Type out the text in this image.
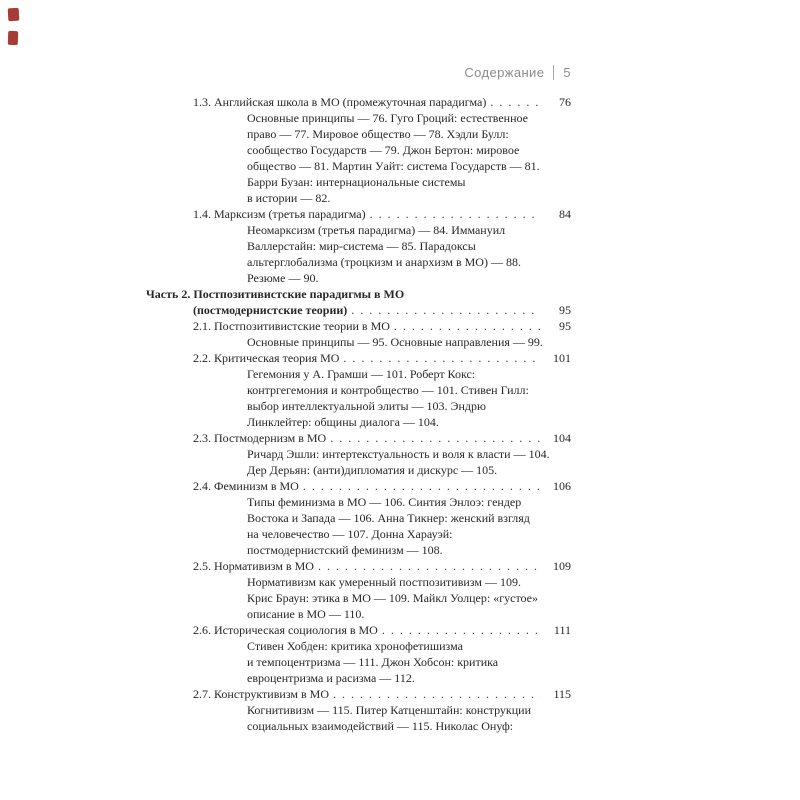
Содержание 5
1.3. Английская школа в МО (промежуточная парадигма) . . .	76
Основные принципы — 76. Гуго Гроций: естественное
право — 77. Мировое общество — 78. Хэдли Булл:
сообщество Государств — 79. Джон Бертон: мировое
общество — 81. Мартин Уайт: система Государств — 81.
Барри Бузан: интернациональные системы
в истории — 82.
1.4. Марксизм (третья парадигма) . . .	84
Неомарксизм (третья парадигма) — 84. Иммануил
Валлерстайн: мир-система — 85. Парадоксы
альтерглобализма (троцкизм и анархизм в МО) — 88.
Резюме — 90.
Часть 2. Постпозитивистские парадигмы в МО
(постмодернистские теории) . . .	95
2.1. Постпозитивистские теории в МО . . .	95
Основные принципы — 95. Основные направления — 99.
2.2. Критическая теория МО . . .	101
Гегемония у А. Грамши — 101. Роберт Кокс:
контргегемония и контробщество — 101. Стивен Гилл:
выбор интеллектуальной элиты — 103. Эндрю
Линклейтер: общины диалога — 104.
2.3. Постмодернизм в МО . . .	104
Ричард Эшли: интертекстуальность и воля к власти — 104.
Дер Дерьян: (анти)дипломатия и дискурс — 105.
2.4. Феминизм в МО . . .	106
Типы феминизма в МО — 106. Синтия Энлоэ: гендер
Востока и Запада — 106. Анна Тикнер: женский взгляд
на человечество — 107. Донна Харауэй:
постмодернистский феминизм — 108.
2.5. Нормативизм в МО . . .	109
Нормативизм как умеренный постпозитивизм — 109.
Крис Браун: этика в МО — 109. Майкл Уолцер: «густое»
описание в МО — 110.
2.6. Историческая социология в МО . . .	111
Стивен Хобден: критика хронофетишизма
и темпоцентризма — 111. Джон Хобсон: критика
евроцентризма и расизма — 112.
2.7. Конструктивизм в МО . . .	115
Когнитивизм — 115. Питер Катценштайн: конструкции
социальных взаимодействий — 115. Николас Онуф:
